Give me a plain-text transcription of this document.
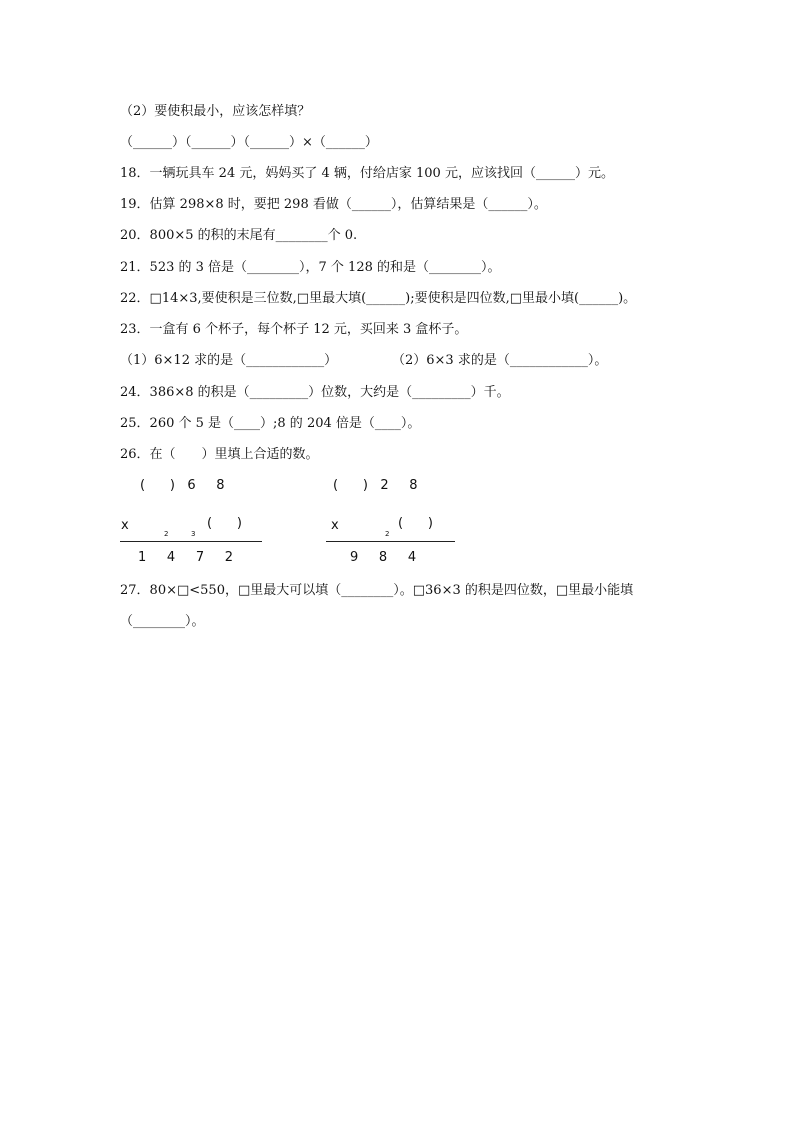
（2）要使积最小，应该怎样填？
（______）（______）（______）×（______）
18．一辆玩具车 24 元，妈妈买了 4 辆，付给店家 100 元，应该找回（______）元。
19．估算 298×8 时，要把 298 看做（______），估算结果是（______）。
20．800×5 的积的末尾有________个 0.
21．523 的 3 倍是（________），7 个 128 的和是（________）。
22．□14×3,要使积是三位数,□里最大填(______);要使积是四位数,□里最小填(______)。
23．一盒有 6 个杯子，每个杯子 12 元，买回来 3 盒杯子。
（1）6×12 求的是（____________）	（2）6×3 求的是（____________）。
24．386×8 的积是（_________）位数，大约是（_________）千。
25．260 个 5 是（____）;8 的 204 倍是（____）。
26．在（　　）里填上合适的数。
(      )   6     8
x
2	3
(      )
1     4     7     2
(      )   2     8
x
2
(      )
9     8     4
27．80×□<550，□里最大可以填（________）。□36×3 的积是四位数，□里最小能填
（________）。
